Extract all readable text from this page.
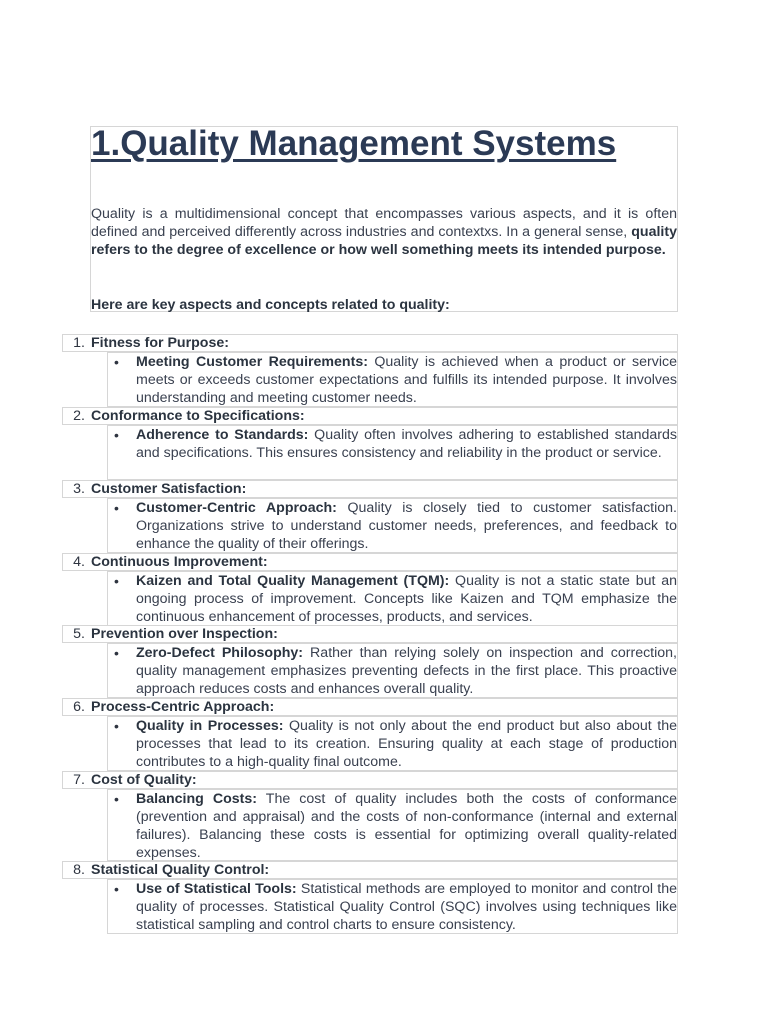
1.Quality Management Systems

Quality is a multidimensional concept that encompasses various aspects, and it is often defined and perceived differently across industries and contextxs. In a general sense, quality refers to the degree of excellence or how well something meets its intended purpose.

Here are key aspects and concepts related to quality:

1. Fitness for Purpose:
• Meeting Customer Requirements: Quality is achieved when a product or service meets or exceeds customer expectations and fulfills its intended purpose. It involves understanding and meeting customer needs.

2. Conformance to Specifications:
• Adherence to Standards: Quality often involves adhering to established standards and specifications. This ensures consistency and reliability in the product or service.

3. Customer Satisfaction:
• Customer-Centric Approach: Quality is closely tied to customer satisfaction. Organizations strive to understand customer needs, preferences, and feedback to enhance the quality of their offerings.

4. Continuous Improvement:
• Kaizen and Total Quality Management (TQM): Quality is not a static state but an ongoing process of improvement. Concepts like Kaizen and TQM emphasize the continuous enhancement of processes, products, and services.

5. Prevention over Inspection:
• Zero-Defect Philosophy: Rather than relying solely on inspection and correction, quality management emphasizes preventing defects in the first place. This proactive approach reduces costs and enhances overall quality.

6. Process-Centric Approach:
• Quality in Processes: Quality is not only about the end product but also about the processes that lead to its creation. Ensuring quality at each stage of production contributes to a high-quality final outcome.

7. Cost of Quality:
• Balancing Costs: The cost of quality includes both the costs of conformance (prevention and appraisal) and the costs of non-conformance (internal and external failures). Balancing these costs is essential for optimizing overall quality-related expenses.

8. Statistical Quality Control:
• Use of Statistical Tools: Statistical methods are employed to monitor and control the quality of processes. Statistical Quality Control (SQC) involves using techniques like statistical sampling and control charts to ensure consistency.
